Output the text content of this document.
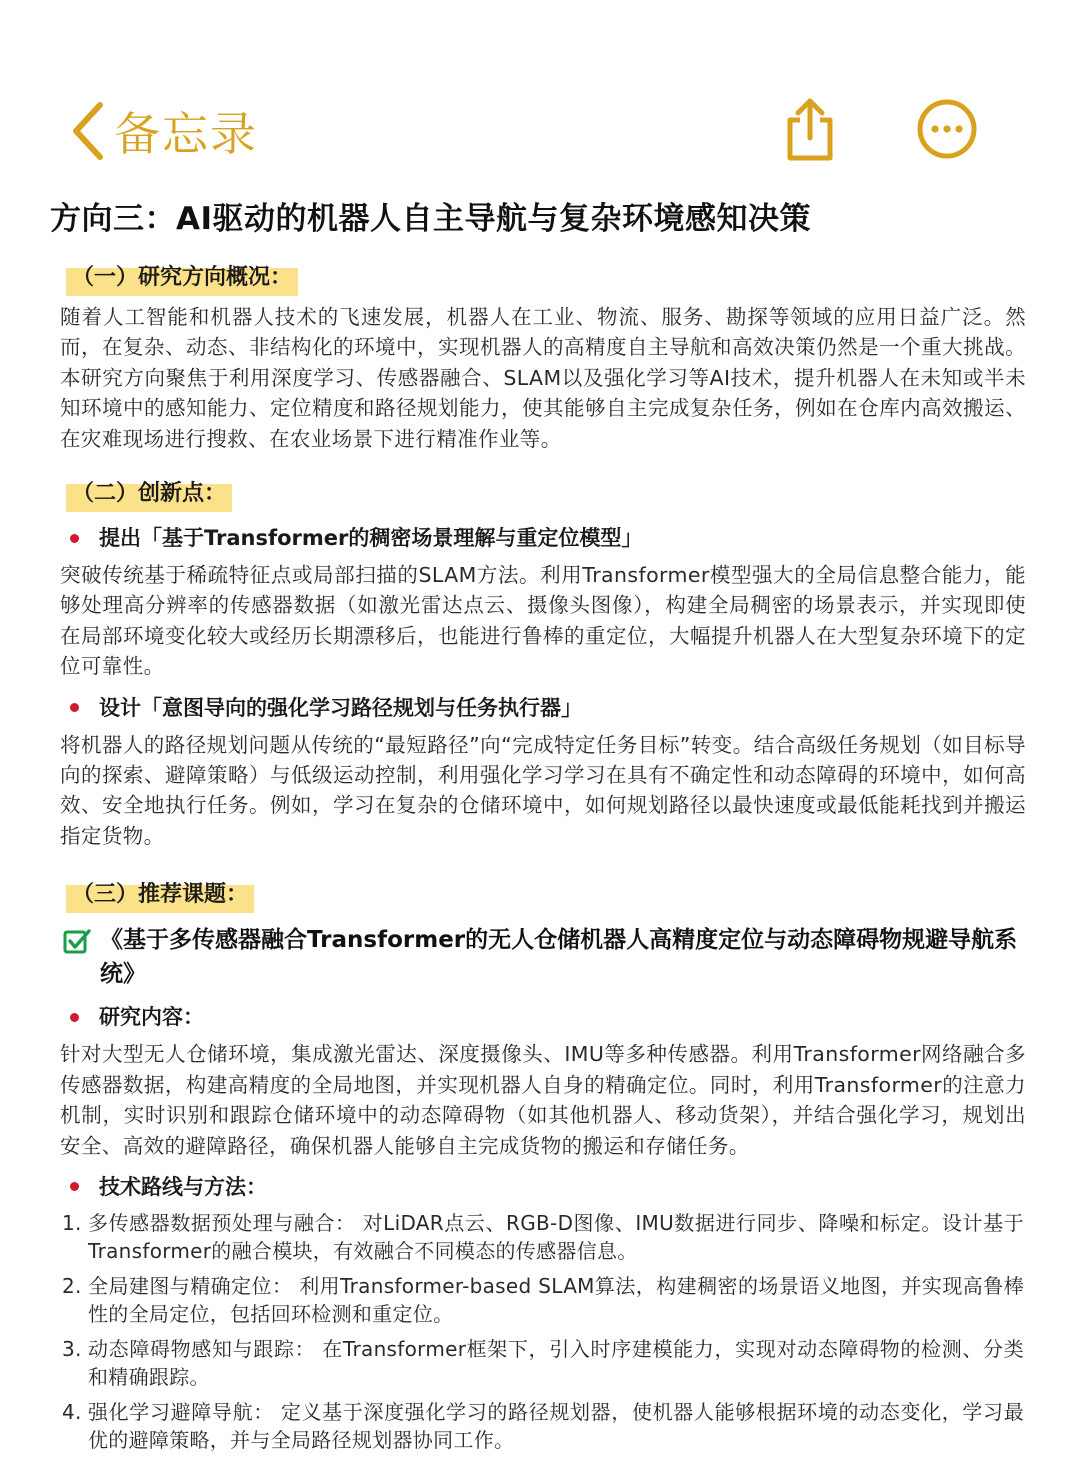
备忘录
方向三：AI驱动的机器人自主导航与复杂环境感知决策
（一）研究方向概况：
随着人工智能和机器人技术的飞速发展，机器人在工业、物流、服务、勘探等领域的应用日益广泛。然而，在复杂、动态、非结构化的环境中，实现机器人的高精度自主导航和高效决策仍然是一个重大挑战。本研究方向聚焦于利用深度学习、传感器融合、SLAM以及强化学习等AI技术，提升机器人在未知或半未知环境中的感知能力、定位精度和路径规划能力，使其能够自主完成复杂任务，例如在仓库内高效搬运、在灾难现场进行搜救、在农业场景下进行精准作业等。
（二）创新点：
提出「基于Transformer的稠密场景理解与重定位模型」
突破传统基于稀疏特征点或局部扫描的SLAM方法。利用Transformer模型强大的全局信息整合能力，能够处理高分辨率的传感器数据（如激光雷达点云、摄像头图像），构建全局稠密的场景表示，并实现即使在局部环境变化较大或经历长期漂移后，也能进行鲁棒的重定位，大幅提升机器人在大型复杂环境下的定位可靠性。
设计「意图导向的强化学习路径规划与任务执行器」
将机器人的路径规划问题从传统的“最短路径”向“完成特定任务目标”转变。结合高级任务规划（如目标导向的探索、避障策略）与低级运动控制，利用强化学习学习在具有不确定性和动态障碍的环境中，如何高效、安全地执行任务。例如，学习在复杂的仓储环境中，如何规划路径以最快速度或最低能耗找到并搬运指定货物。
（三）推荐课题：
《基于多传感器融合Transformer的无人仓储机器人高精度定位与动态障碍物规避导航系统》
研究内容：
针对大型无人仓储环境，集成激光雷达、深度摄像头、IMU等多种传感器。利用Transformer网络融合多传感器数据，构建高精度的全局地图，并实现机器人自身的精确定位。同时，利用Transformer的注意力机制，实时识别和跟踪仓储环境中的动态障碍物（如其他机器人、移动货架），并结合强化学习，规划出安全、高效的避障路径，确保机器人能够自主完成货物的搬运和存储任务。
技术路线与方法：
1. 多传感器数据预处理与融合： 对LiDAR点云、RGB-D图像、IMU数据进行同步、降噪和标定。设计基于Transformer的融合模块，有效融合不同模态的传感器信息。
2. 全局建图与精确定位： 利用Transformer-based SLAM算法，构建稠密的场景语义地图，并实现高鲁棒性的全局定位，包括回环检测和重定位。
3. 动态障碍物感知与跟踪： 在Transformer框架下，引入时序建模能力，实现对动态障碍物的检测、分类和精确跟踪。
4. 强化学习避障导航： 定义基于深度强化学习的路径规划器，使机器人能够根据环境的动态变化，学习最优的避障策略，并与全局路径规划器协同工作。
